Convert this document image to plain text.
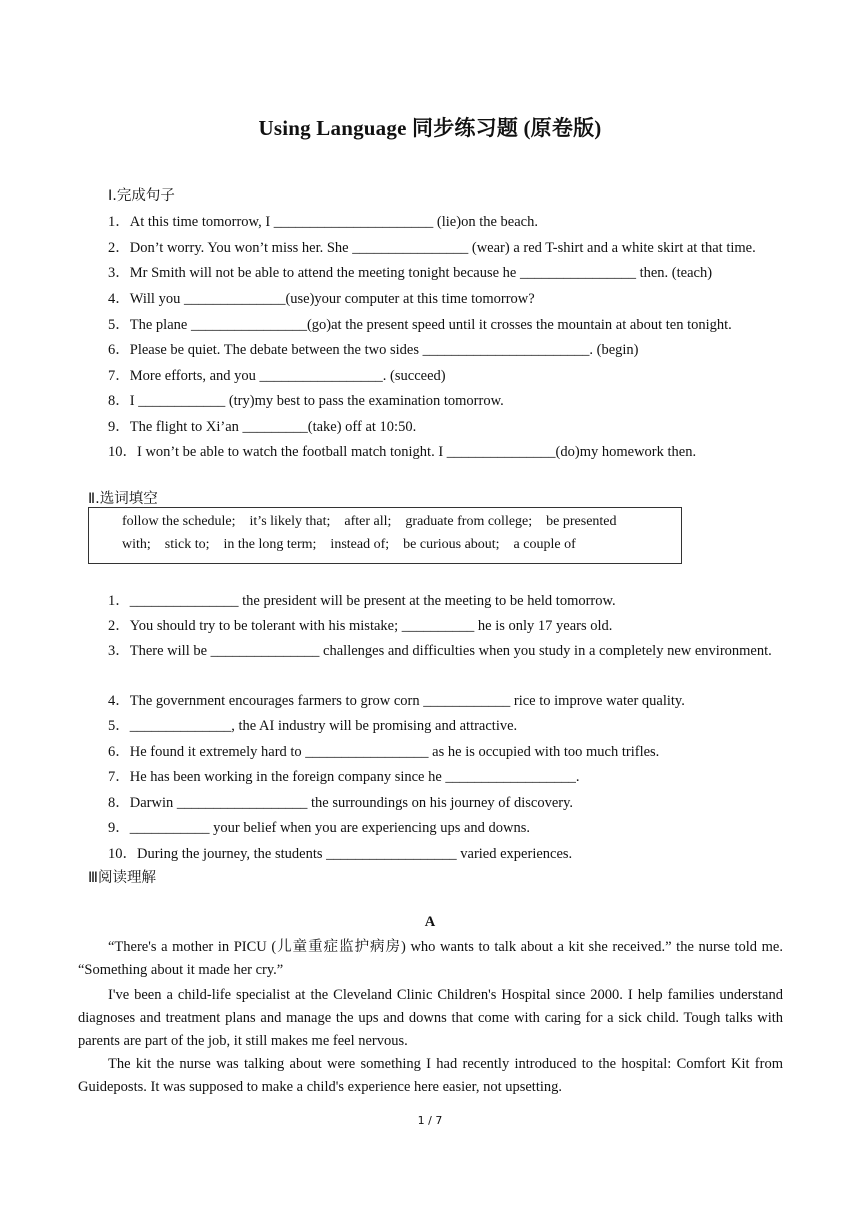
Using Language 同步练习题 (原卷版)
I.完成句子
1．At this time tomorrow, I ______________________ (lie)on the beach.
2．Don’t worry. You won’t miss her. She ________________ (wear) a red T-shirt and a white skirt at that time.
3．Mr Smith will not be able to attend the meeting tonight because he ________________ then. (teach)
4．Will you ______________(use)your computer at this time tomorrow?
5．The plane ________________(go)at the present speed until it crosses the mountain at about ten tonight.
6．Please be quiet. The debate between the two sides _______________________. (begin)
7．More efforts, and you _________________. (succeed)
8．I ____________ (try)my best to pass the examination tomorrow.
9．The flight to Xi’an _________(take) off at 10:50.
10．I won’t be able to watch the football match tonight. I _______________(do)my homework then.
Ⅱ.选词填空
follow the schedule;    it’s likely that;    after all;    graduate from college;    be presented
with;    stick to;    in the long term;    instead of;    be curious about;    a couple of
1．_______________ the president will be present at the meeting to be held tomorrow.
2．You should try to be tolerant with his mistake; __________ he is only 17 years old.
3．There will be _______________ challenges and difficulties when you study in a completely new environment.
4．The government encourages farmers to grow corn ____________ rice to improve water quality.
5．______________, the AI industry will be promising and attractive.
6．He found it extremely hard to _________________ as he is occupied with too much trifles.
7．He has been working in the foreign company since he __________________.
8．Darwin __________________ the surroundings on his journey of discovery.
9．___________ your belief when you are experiencing ups and downs.
10．During the journey, the students __________________ varied experiences.
Ⅲ阅读理解
A
“There's a mother in PICU (儿童重症监护病房) who wants to talk about a kit she received.” the nurse told me. “Something about it made her cry.”
I've been a child-life specialist at the Cleveland Clinic Children's Hospital since 2000. I help families understand diagnoses and treatment plans and manage the ups and downs that come with caring for a sick child. Tough talks with parents are part of the job, it still makes me feel nervous.
The kit the nurse was talking about were something I had recently introduced to the hospital: Comfort Kit from Guideposts. It was supposed to make a child's experience here easier, not upsetting.
1 / 7
